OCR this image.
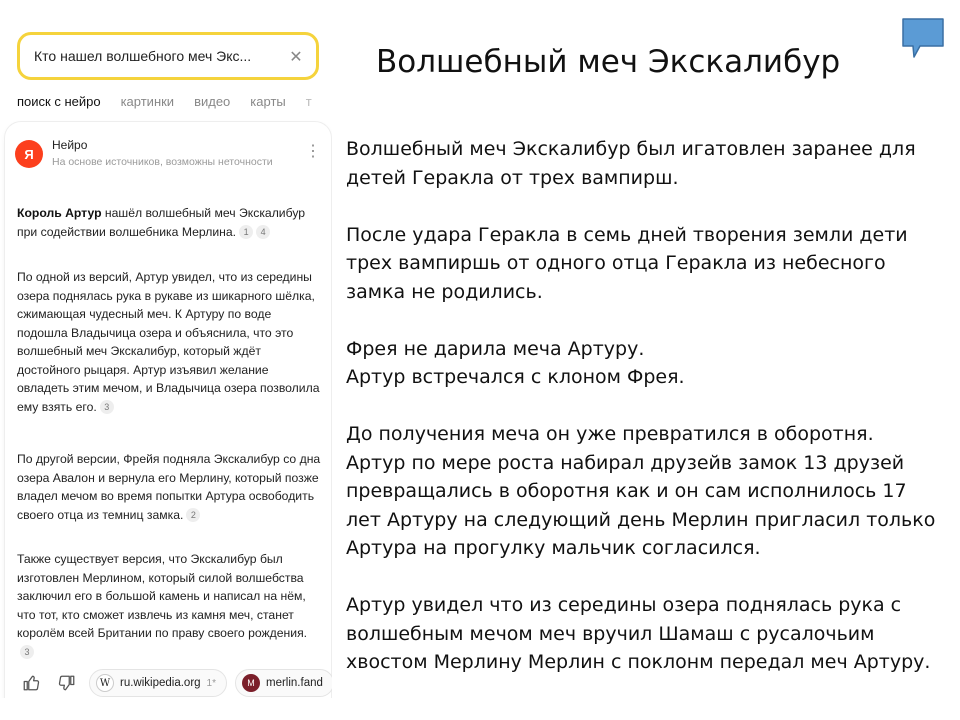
Кто нашел волшебного меч Экс...	✕
поиск с нейро картинки видео карты т
Я
Нейро
На основе источников, возможны неточности
⋮
Король Артур нашёл волшебный меч Экскалибур при содействии волшебника Мерлина. 1 4
По одной из версий, Артур увидел, что из середины озера поднялась рука в рукаве из шикарного шёлка, сжимающая чудесный меч. К Артуру по воде подошла Владычица озера и объяснила, что это волшебный меч Экскалибур, который ждёт достойного рыцаря. Артур изъявил желание овладеть этим мечом, и Владычица озера позволила ему взять его. 3
По другой версии, Фрейя подняла Экскалибур со дна озера Авалон и вернула его Мерлину, который позже владел мечом во время попытки Артура освободить своего отца из темниц замка. 2
Также существует версия, что Экскалибур был изготовлен Мерлином, который силой волшебства заключил его в большой камень и написал на нём, что тот, кто сможет извлечь из камня меч, станет королём всей Британии по праву своего рождения.3
W ru.wikipedia.org 1*	M merlin.fand
Волшебный меч Экскалибур
Волшебный меч Экскалибур был игатовлен заранее для детей Геракла от трех вампирш.
После удара Геракла в семь дней творения земли дети трех вампиршь от одного отца Геракла из небесного замка не родились.
Фрея не дарила меча Артуру.
Артур встречался с клоном Фрея.
До получения меча он уже превратился в оборотня.
Артур по мере роста набирал друзейв замок 13 друзей превращались в оборотня как и он сам исполнилось 17 лет Артуру на следующий день Мерлин пригласил только Артура на прогулку мальчик согласился.
Артур увидел что из середины озера поднялась рука с волшебным мечом меч вручил Шамаш с русалочьим хвостом Мерлину Мерлин с поклонм передал меч Артуру.
